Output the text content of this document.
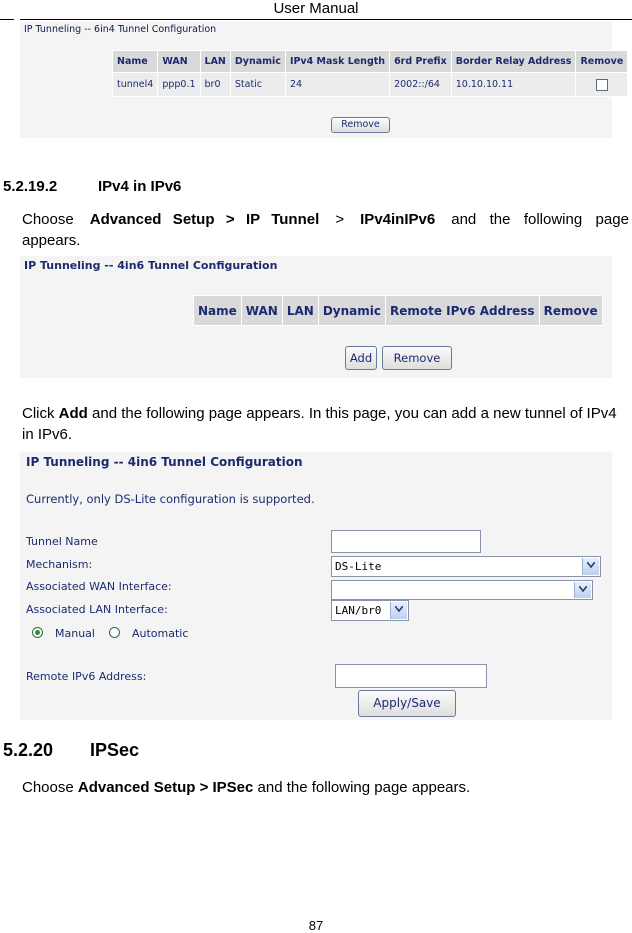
User Manual
IP Tunneling -- 6in4 Tunnel Configuration
Name	WAN	LAN	Dynamic	IPv4 Mask Length	6rd Prefix	Border Relay Address	Remove
tunnel4	ppp0.1	br0	Static	24	2002::/64	10.10.10.11	
Remove
5.2.19.2	IPv4 in IPv6
Choose Advanced Setup > IP Tunnel > IPv4inIPv6 and the following page appears.
IP Tunneling -- 4in6 Tunnel Configuration
Name	WAN	LAN	Dynamic	Remote IPv6 Address	Remove
Add	Remove
Click Add and the following page appears. In this page, you can add a new tunnel of IPv4 in IPv6.
IP Tunneling -- 4in6 Tunnel Configuration
Currently, only DS-Lite configuration is supported.
Tunnel Name
Mechanism:	DS-Lite
Associated WAN Interface:
Associated LAN Interface:	LAN/br0
Manual	Automatic
Remote IPv6 Address:
Apply/Save
5.2.20 IPSec
Choose Advanced Setup > IPSec and the following page appears.
87
